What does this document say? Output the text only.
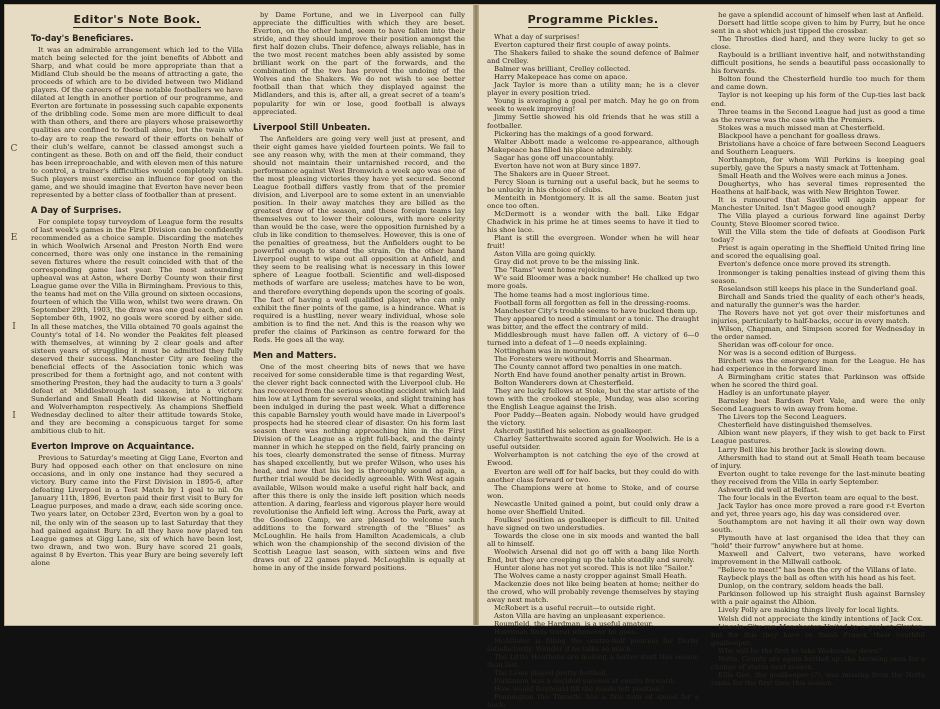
C
E
I
I
Editor's Note Book.
To-day's Beneficiares.

It was an admirable arrangement which led to the Villa match being selected for the joint benefits of Abbott and Sharp, and what could be more appropriate than that a Midland Club should be the means of attracting a gate, the proceeds of which are to be divided between two Midland players. Of the careers of these notable footballers we have dilated at length in another portion of our programme, and Everton are fortunate in possessing such capable exponents of the dribbling code. Some men are more difficult to deal with than others, and there are players whose praiseworthy qualities are confined to football alone, but the twain who to-day are to reap the reward of their efforts on behalf of their club's welfare, cannot be classed amongst such a contingent as these. Both on and off the field, their conduct has been irreproachable, and with eleven men of this nature to control, a trainer's difficulties would completely vanish. Such players must exercise an influence for good on the game, and we should imagine that Everton have never been represented by a better class of footballer than at present.

A Day of Surprises.

For complete topsy turveydom of League form the results of last week's games in the First Division can be confidently recommended as a choice sample. Discarding the matches in which Woolwich Arsenal and Preston North End were concerned, there was only one instance in the remaining seven fixtures where the result coincided with that of the corresponding game last year. The most astounding upheaval was at Aston, where Derby County won their first League game over the Villa in Birmingham. Previous to this, the teams had met on the Villa ground on sixteen occasions, fourteen of which the Villa won, whilst two were drawn. On September 29th, 1903, the draw was one goal each, and on September 6th, 1902, no goals were scored by either side. In all these matches, the Villa obtained 70 goals against the County's total of 14. No wonder the Peakites felt pleased with themselves, at winning by 2 clear goals and after sixteen years of struggling it must be admitted they fully deserved their success. Manchester City are feeling the beneficial effects of the Association tonic which was prescribed for them a fortnight ago, and not content with smothering Preston, they had the audacity to turn a 3 goals' defeat at Middlesbrough last season, into a victory. Sunderland and Small Heath did likewise at Nottingham and Wolverhampton respectively. As champions Sheffield Wednesday declined to alter their attitude towards Stoke, and they are becoming a conspicuous target for some ambitious club to hit.

Everton Improve on Acquaintance.

Previous to Saturday's meeting at Gigg Lane, Everton and Bury had opposed each other on that enclosure on nine occasions, and in only one instance had they secured a victory. Bury came into the First Division in 1895-6, after defeating Liverpool in a Test Match by 1 goal to nil. On January 11th, 1896, Everton paid their first visit to Bury for League purposes, and made a draw, each side scoring once. Two years later, on October 23rd, Everton won by a goal to nil, the only win of the season up to last Saturday that they had gained against Bury. In all they have now played ten League games at Gigg Lane, six of which have been lost, two drawn, and two won. Bury have scored 21 goals, against 8 by Everton. This year Bury are being severely left alone

by Dame Fortune, and we in Liverpool can fully appreciate the difficulties with which they are beset. Everton, on the other hand, seem to have fallen into their stride, and they should improve their position amongst the first half dozen clubs. Their defence, always reliable, has in the two most recent matches been ably assisted by some brilliant work on the part of the forwards, and the combination of the two has proved the undoing of the Wolves and the Shakers. We do not wish to see better football than that which they displayed against the Midlanders, and this is, after all, a great secret of a team's popularity for win or lose, good football is always appreciated.

Liverpool Still Unbeaten.

The Anfielders are going very well just at present, and their eight games have yielded fourteen points. We fail to see any reason why, with the men at their command, they should not maintain their untarnished record, and the performance against West Bromwich a week ago was one of the most pleasing victories they have yet secured. Second League football differs vastly from that of the premier division, and Liverpool are to some extent in an unenviable position. In their away matches they are billed as the greatest draw of the season, and these foreign teams lay themselves out to lower their colours, with more celerity than would be the case, were the opposition furnished by a club in like condition to themselves. However, this is one of the penalties of greatness, but the Anfielders ought to be powerful enough to stand the strain. On the other hand Liverpool ought to wipe out all opposition at Anfield, and they seem to be realising what is necessary in this lower sphere of League football. Scientific and well-disposed methods of warfare are useless; matches have to be won, and therefore everything depends upon the scoring of goals. The fact of having a well qualified player, who can only exhibit the finer points of the game, is a hindrance. What is required is a hustling, never weary individual, whose sole ambition is to find the net. And this is the reason why we prefer the claims of Parkinson as centre forward for the Reds. He goes all the way.

Men and Matters.

One of the most cheering bits of news that we have received for some considerable time is that regarding West, the clever right back connected with the Liverpool club. He has recovered from the serious shooting accident which laid him low at Lytham for several weeks, and slight training has been indulged in during the past week. What a difference this capable Barnsley youth would have made in Liverpool's prospects had he steered clear of disaster. On his form last season there was nothing approaching him in the First Division of the League as a right full-back, and the dainty manner in which he stepped on the field, fairly prancing on his toes, clearly demonstrated the sense of fitness. Murray has shaped excellently, but we prefer Wilson, who uses his head, and now that his leg is thoroughly sound again, a further trial would be decidedly agreeable. With West again available, Wilson would make a useful right half back, and after this there is only the inside left position which needs attention. A daring, fearless and vigorous player here would revolutionise the Anfield left wing. Across the Park, away at the Goodison Camp, we are pleased to welcome such additions to the forward strength of the "Blues" as McLoughlin. He hails from Hamilton Academicals, a club which won the championship of the second division of the Scottish League last season, with sixteen wins and five draws out of 22 games played. McLoughlin is equally at home in any of the inside forward positions.

Programme Pickles.

What a day of surprises!

Everton captured their first couple of away points.

The Shakers failed to shake the sound defence of Balmer and Crelley.

Balmer was brilliant, Crelley collected.

Harry Makepeace has come on apace.

Jack Taylor is more than a utility man; he is a clever player in every position tried.

Young is averaging a goal per match. May he go on from week to week improving!

Jimmy Settle showed his old friends that he was still a footballer.

Pickering has the makings of a good forward.

Walter Abbott made a welcome re-appearance, although Makepeace has filled his place admirably.

Sagar has gone off unaccountably.

Everton have not won at Bury since 1897.

The Shakers are in Queer Street.

Percy Sloan is turning out a useful back, but he seems to be unlucky in his choice of clubs.

Menteith in Montgomery. It is all the same. Beaten just once too often.

McDermott is a wonder with the ball. Like Edgar Chadwick in his prime he at times seems to have it tied to his shoe lace.

Plant is still the evergreen. Wonder when he will hear fruit!

Aston Villa are going quickly.

Gray did not prove to be the missing link.

The "Rams" went home rejoicing.

W'e said Bloomer was a back number! He chalked up two more goals.

The home teams had a most inglorious time.

Football form all forgotten as fell in the dressing-rooms.

Manchester City's trouble seems to have bucked them up.

They appeared to need a stimulant or a tonic. The draught was bitter, and the effect the contrary of mild.

Middlesbrough must have fallen off. A victory of 6—0 turned into a defeat of 1—0 needs explaining.

Nottingham was in mourning.

The Foresters were without Morris and Shearman.

The County cannot afford two penalties in one match.

North End have found another penalty artist in Brown.

Bolton Wanderers down at Chesterfield.

They are lucky fellows at Stoke, but the star artiste of the town with the crooked steeple, Munday, was also scoring the English League against the Irish.

Poor Paddy—Beaten again. Nobody would have grudged the victory.

Ashcroft justified his selection as goalkeeper.

Charley Satterthwaite scored again for Woolwich. He is a useful outsider.

Wolverhampton is not catching the eye of the crowd at Ewood.

Everton are well off for half backs, but they could do with another class forward or two.

The Champions were at home to Stoke, and of course won.

Newcastle United gained a point, but could only draw a home over Sheffield United.

Foulkes' position as goalkeeper is difficult to fill. United have signed on two understudies.

Towards the close one in six moods and wanted the ball all to himself.

Woolwich Arsenal did not go off with a bang like North End, but they are creeping up the table steadily and surely.

Hunter alone has not yet scored. This is not like "Sailor."

The Wolves came a nasty cropper against Small Heath.

Mackenzie does not like being beaten at home; neither do the crowd, who will probably revenge themselves by staying away next match.

McRobert is a useful recruit—to outside right.

Aston Villa are having an unpleasant experience.

Roumfield, the Hardman, is a useful amateur.

Harriman finds travel whenever he goes.

McAllister is filling the centre-half position for Derby satisfactorily. Wonder if he talks so much.

The Little Heathens are making a better start this season than last.

The Lions played pretty football.

Parkinson was a decided success at centre forward.

How would Raybould fill the inside left position?

Pennington the Throstle has a fine turn of speed for a back;

he gave a splendid account of himself when last at Anfield.

Dorsett had little scope given to him by Furry, but he once sent in a shot which just tipped the crossbar.

The Throstles died hard, and they were lucky to get so close.

Raybould is a brilliant inventive half, and notwithstanding difficult positions, he sends a beautiful pass occasionally to his forwards.

Bolton found the Chesterfield hurdle too much for them and came down.

Taylor is not keeping up his form of the Cup-ties last back end.

Three teams in the Second League had just as good a time as the reverse was the case with the Premiers.

Stokes was a much missed man at Chesterfield.

Blackpool have a penchant for goalless draws.

Bristolians have a choice of fare between Second Leaguers and Southern Leaguers.

Northampton, for whom Will Perkins is keeping goal superbly, gave the Spurs a nasty smack at Tottenham.

Small Heath and the Wolves were each minus a Jones.

Doughertys, who has several times represented the Heathens at half-back, was with New Brighton Tower.

It is rumoured that Saville will again appear for Manchester United. Isn't Magee good enough?

The Villa played a curious forward line against Derby County, Steve Bloomer scored twice.

Will the Villa stem the tide of defeats at Goodison Park today?

Priest is again operating in the Sheffield United firing line and scored the equalising goal.

Everton's defence once more proved its strength.

Ironmonger is taking penalties instead of giving them this season.

Roselandson still keeps his place in the Sunderland goal.

Birchall and Sands tried the quality of each other's heads, and naturally the gunner's was the harder.

The Rovers have not yet got over their misfortunes and injuries, particularly to half-backs, occur in every match.

Wilson, Chapman, and Simpson scored for Wednesday in the order named.

Sheridan was off-colour for once.

Nor was is a second edition of Burgess.

Birchett was the emergency man for the League. He has had experience in the forward line.

A Birmingham critic states that Parkinson was offside when he scored the third goal.

Hadley is an unfortunate player.

Barnsley beat Bardsen Port Vale, and were the only Second Leaguers to win away from home.

The Livers top the Second Leaguers.

Chesterfield have distinguished themselves.

Albion want new players, if they wish to get back to First League pastures.

Larry Bell like his brother Jack is slowing down.

Athersmith had to stand out at Small Heath team because of injury.

Everton ought to take revenge for the last-minute beating they received from the Villa in early September.

Ashworth did well at Belfast.

The four locals in the Everton team are equal to the best.

Jack Taylor has once more proved a rare good r-t Everton and yet, three years ago, his day was considered over.

Southamptom are not having it all their own way down south.

Plymouth have at last organised the idea that they can "hold" their furrow" anywhere but at home.

Maxwell and Calvert, two veterans, have worked improvement in the Millwall catbook.

"Believe to meet!" has been the cry of the Villans of late.

Raybeck plays the ball as often with his head as his feet.

Dunlop, on the contrary, seldom heads the ball.

Parkinson followed up his straight flush against Barnsley with a pair against the Albion.

Lively Polly are making things lively for local lights.

Welsh did not appreciate the kindly intentions of Jack Cox.

Lincoln City ran Manchester United to a goal at Clayton, but for this they have to thank Fraser, their youthful goalkeeper.

Who will be the first to take Wednesday down?

Notts. County are again bottled up; the knowing ones for a change of status next season.

Ellis Gee, the goalkeeper (?), was missing from the Notts ranks for the first time this season.
